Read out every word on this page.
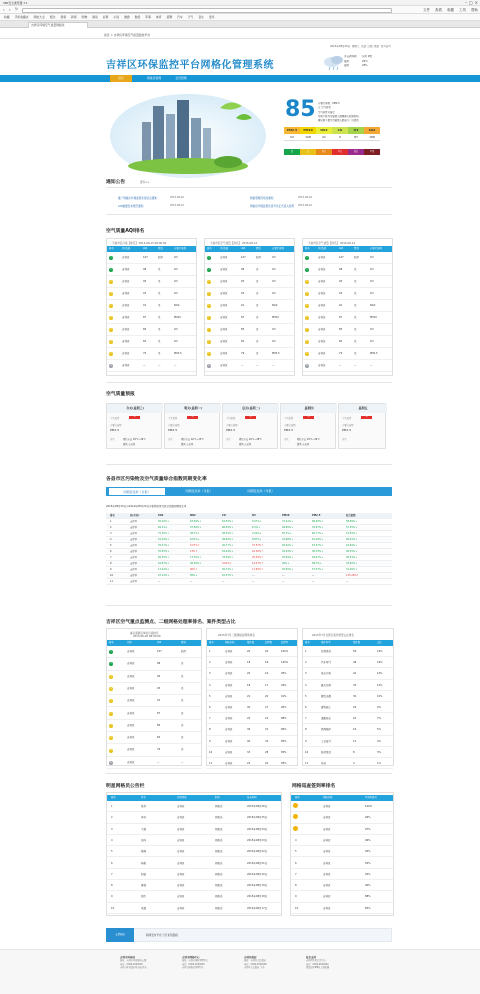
360安全浏览器 7.1	– □ ×
‹ › ↻	文件 查看 收藏 工具 帮助
收藏 手机收藏夹 网址大全 娱乐 视频 新闻 购物 游戏 彩票 小说 旅游 财经 军事 体育 招聘 汽车 天气 音乐 更多
吉祥区环境空气质量网格化
首页 > 吉祥区环境空气质量监控平台
2015年08月26日 星期三 欢迎 注销 登录 设为首页
吉祥区环保监控平台网格化管理系统
多云转阵雨
温度：
湿度：
东风 2级
26℃
45%
首页	网格化管理	会员管理
85 首要污染物：PM2.5
良 空气质量
空气质量可接受
对极少数异常敏感人群健康有较弱影响
建议极少数异常敏感人群减少户外活动
PM2.5
52
PM10
108
NO2
21
CO
0
O3
87
SO2
188
优	良	轻度	中度	重度	严重
通知公告	更多>>
· 推广网格化环境监管系统试点通知	2015-08-20	· 网格管理员培训通知	2015-08-18
· AQI数据发布规范通知	2015-08-15	· 网格化环境监管系统平台正式投入使用 2015-08-10
空气质量AQI排名
天前市区污染【排名】 2015-08-15 08:00:00
排名	区/街道	AQI	级别	首要污染物
1	吉祥区	107	轻度	O3
2	吉祥区	98	良	O3
3	吉祥区	95	良	O3
4	吉祥区	93	良	O3
5	吉祥区	91	良	NO2
6	吉祥区	87	良	PM10
7	吉祥区	85	良	O3
8	吉祥区	82	良	O3
9	吉祥区	79	良	PM2.5
10	吉祥区	—	—	—
天前市区空气质量【排名】 2015-08-14
排名	区/街道	AQI	级别	首要污染物
1	吉祥区	107	轻度	O3
2	吉祥区	98	良	O3
3	吉祥区	95	良	O3
4	吉祥区	93	良	O3
5	吉祥区	91	良	NO2
6	吉祥区	87	良	PM10
7	吉祥区	85	良	O3
8	吉祥区	82	良	O3
9	吉祥区	79	良	PM2.5
10	吉祥区	—	—	—
天前市区空气质量【排名】 2015-08-14
排名	区/街道	AQI	级别	首要污染物
1	吉祥区	107	轻度	O3
2	吉祥区	98	良	O3
3	吉祥区	95	良	O3
4	吉祥区	93	良	O3
5	吉祥区	91	良	NO2
6	吉祥区	87	良	PM10
7	吉祥区	85	良	O3
8	吉祥区	82	良	O3
9	吉祥区	79	良	PM2.5
10	吉祥区	—	—	—
空气质量预报
今天(星期三)
空气质量
良
首要污染物
PM2.5
天气	晴转多云 18℃~29℃
微风 东北风
明天(星期一)
空气质量
良
首要污染物
PM2.5
天气	晴转多云 16℃~25℃
微风 东北风
后天(星期二)
空气质量
良
首要污染物
PM2.5
天气	晴转多云 16℃~28℃
微风 东北风
星期四
空气质量
良
首要污染物
PM2.5
天气	晴转多云 18℃~29℃
微风 东北风
星期五
空气质量
良
首要污染物
PM2.5
天气
各县市区污染物及空气质量综合指数同期变化率
同期变化率（日报）	同期变化率（月报）	同期变化率（年报）
2015年08月29日与2014年08月29日污染物浓度及综合指数同期变化率
排名	县(市区)	SO2	NO2	CO	O3	PM10	PM2.5	综合指数
1	吉祥区	45.10%↓	63.99%↓	64.52%↓	4.07%↓	74.42%↓	68.99%↓	58.89%↓
2	吉祥区	62.1%↓	37.56%↓	46.45%↓	6.1%↓	49.65%↓	76.97%↓	57.25%↓
3	吉祥区	75.30%↓	48.7%↓	58.53%↓	2.04%↓	55.5%↓	60.77%↓	51.83%↓
4	吉祥区	51.04%↓	6.67%↓	38.62%↓	8.87%↓	32.98%↓	61.16%↓	46.01%↓
5	吉祥区	76.47%↓	3.57%↑	40.77%↓	37.57%↑	62.92%↓	67.57%↓	42.84%↓
6	吉祥区	70.35%↓	13%↑	54.44%↓	16.36%↑	32.93%↓	30.33%↓	36.55%↓
7	吉祥区	82.35%↓	13.76%↓	33.49%↓	25.35%↑	35.99%↓	64.97%↓	36.54%↓
8	吉祥区	16.67%↓	36.36%↓	3.61%↑	14.37%↑	20%↓	58.7%↓	33.82%↓
9	吉祥区	14.29%↓	90%↑	26.74%↓	17.56%↑	45.56%↓	57.07%↓	31.46%↓
10	吉祥区	47.14%↓	50%↓	10.57%↓	—	—	—	115.29%↑
11	吉祥区	—	—	—	—	—	—	—
吉祥区空气重点监测点、二级网格处理率排名、案件类型占比
重点监测点单位污染排名
2015-08-26 08:00:00
排名	名称	AQI	级别
1	吉祥区	107	轻度
2	吉祥区	98	良
3	吉祥区	95	良
4	吉祥区	93	良
5	吉祥区	91	良
6	吉祥区	87	良
7	吉祥区	85	良
8	吉祥区	82	良
9	吉祥区	79	良
10	吉祥区	—	—
2015年7月二级网格处理率排名
排名	网格名称	案件数	处理数	处理率
1	吉祥区	20	20	100%
2	吉祥区	18	18	100%
3	吉祥区	20	19	95%
4	吉祥区	18	17	94%
5	吉祥区	22	20	91%
6	吉祥区	30	27	90%
7	吉祥区	25	22	88%
8	吉祥区	36	31	86%
9	吉祥区	40	34	85%
10	吉祥区	33	28	85%
11	吉祥区	24	20	83%
2015年7月吉祥区案件类型占比排名
排名	案件类型	案件数	占比
1	垃圾焚烧	56	19%
2	汽车尾气	48	16%
3	扬尘污染	42	14%
4	露天烧烤	35	12%
5	餐饮油烟	30	10%
6	建筑施工	26	9%
7	道路扬尘	20	7%
8	燃煤锅炉	16	5%
9	工业废气	12	4%
10	秸秆焚烧	8	3%
11	其他	4	1%
明星网格员公告栏	网格巡查签到率排名
排名	姓名	所属网格	职务	发布时间
1	张伟	吉祥区	网格员	2015年08月26日
2	李芳	吉祥区	网格员	2015年08月25日
3	王磊	吉祥区	网格员	2015年08月24日
4	刘洋	吉祥区	网格员	2015年08月23日
5	陈静	吉祥区	网格员	2015年08月22日
6	杨帆	吉祥区	网格员	2015年08月21日
7	赵敏	吉祥区	网格员	2015年08月20日
8	黄强	吉祥区	网格员	2015年08月19日
9	周杰	吉祥区	网格员	2015年08月18日
10	吴磊	吉祥区	网格员	2015年08月17日
排名	网格名称	签到率排名
吉祥区	100%
吉祥区	99%
吉祥区	97%
4	吉祥区	96%
5	吉祥区	95%
6	吉祥区	93%
7	吉祥区	92%
8	吉祥区	90%
9	吉祥区	88%
10	吉祥区	85%
友情链接	新闻发布平台 日月系统链接
吉祥市环保局
地址：吉祥市环保局办公楼
电话：0000-0000000
吉祥市环境保护局 版权所有
吉祥市网格中心
地址：吉祥市网格管理中心
电话：0000-0000000
吉祥市网格化管理中心
吉祥区政府
地址：吉祥区人民政府
电话：0000-0000000
吉祥区人民政府 主办
技术支持
吉祥区环境信息中心
电话：0000-0000000
建议使用IE8以上浏览器
